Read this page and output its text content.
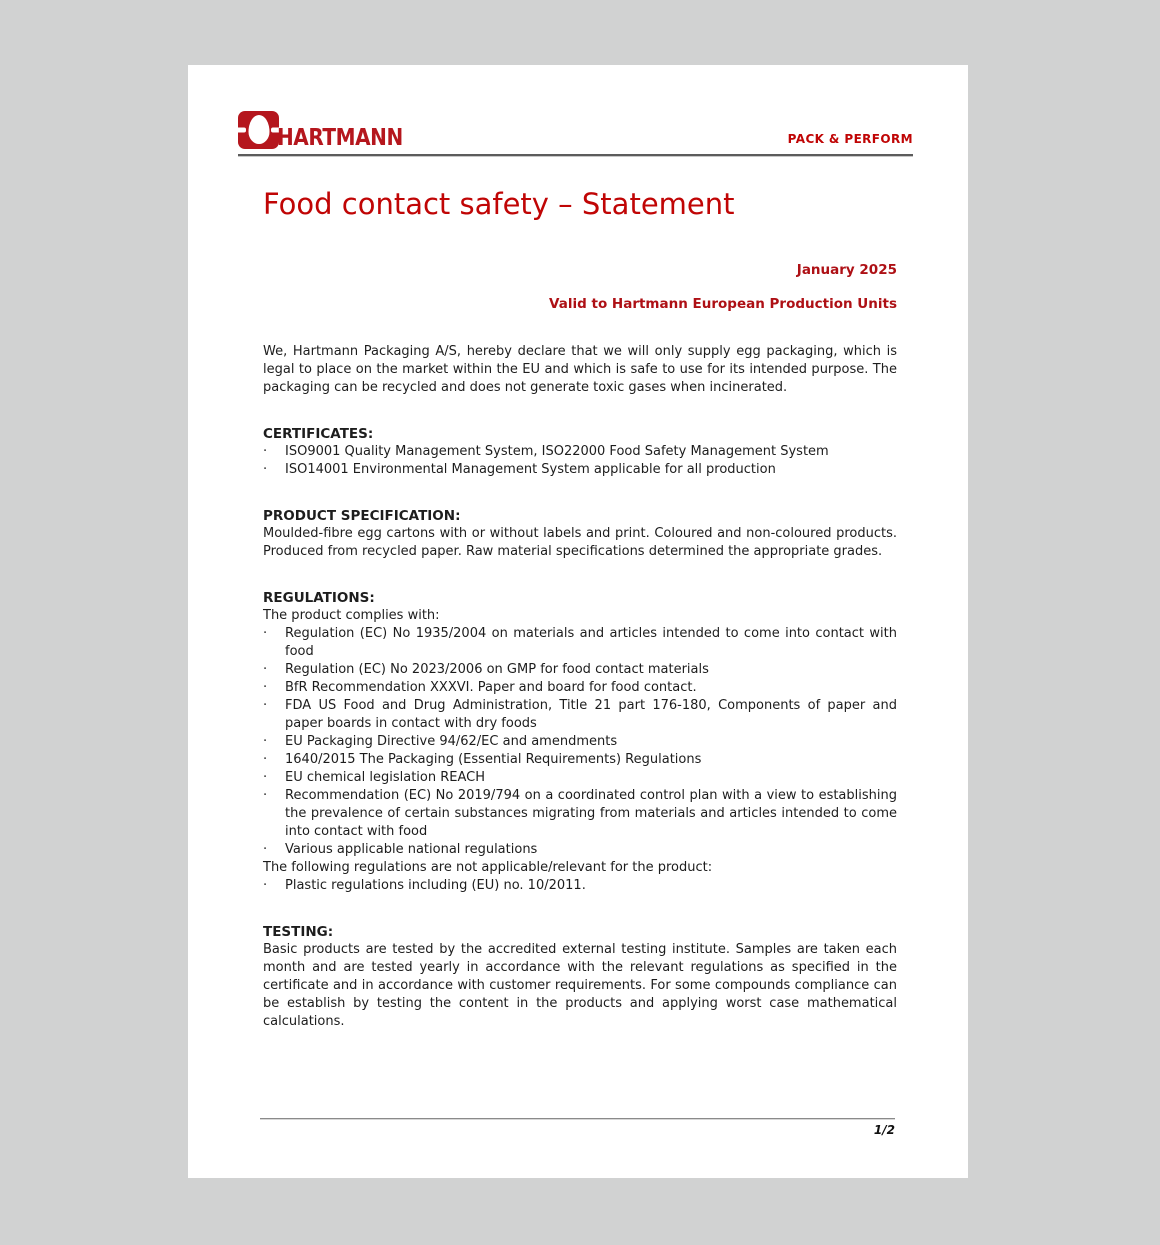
HARTMANN	PACK & PERFORM
Food contact safety – Statement
January 2025
Valid to Hartmann European Production Units
We, Hartmann Packaging A/S, hereby declare that we will only supply egg packaging, which is legal to place on the market within the EU and which is safe to use for its intended purpose. The packaging can be recycled and does not generate toxic gases when incinerated.
CERTIFICATES:
·	ISO9001 Quality Management System, ISO22000 Food Safety Management System
·	ISO14001 Environmental Management System applicable for all production
PRODUCT SPECIFICATION:
Moulded-fibre egg cartons with or without labels and print. Coloured and non-coloured products. Produced from recycled paper. Raw material specifications determined the appropriate grades.
REGULATIONS:
The product complies with:
·	Regulation (EC) No 1935/2004 on materials and articles intended to come into contact with food
·	Regulation (EC) No 2023/2006 on GMP for food contact materials
·	BfR Recommendation XXXVI. Paper and board for food contact.
·	FDA US Food and Drug Administration, Title 21 part 176-180, Components of paper and paper boards in contact with dry foods
·	EU Packaging Directive 94/62/EC and amendments
·	1640/2015 The Packaging (Essential Requirements) Regulations
·	EU chemical legislation REACH
·	Recommendation (EC) No 2019/794 on a coordinated control plan with a view to establishing the prevalence of certain substances migrating from materials and articles intended to come into contact with food
·	Various applicable national regulations
The following regulations are not applicable/relevant for the product:
·	Plastic regulations including (EU) no. 10/2011.
TESTING:
Basic products are tested by the accredited external testing institute. Samples are taken each month and are tested yearly in accordance with the relevant regulations as specified in the certificate and in accordance with customer requirements. For some compounds compliance can be establish by testing the content in the products and applying worst case mathematical calculations.
1/2
